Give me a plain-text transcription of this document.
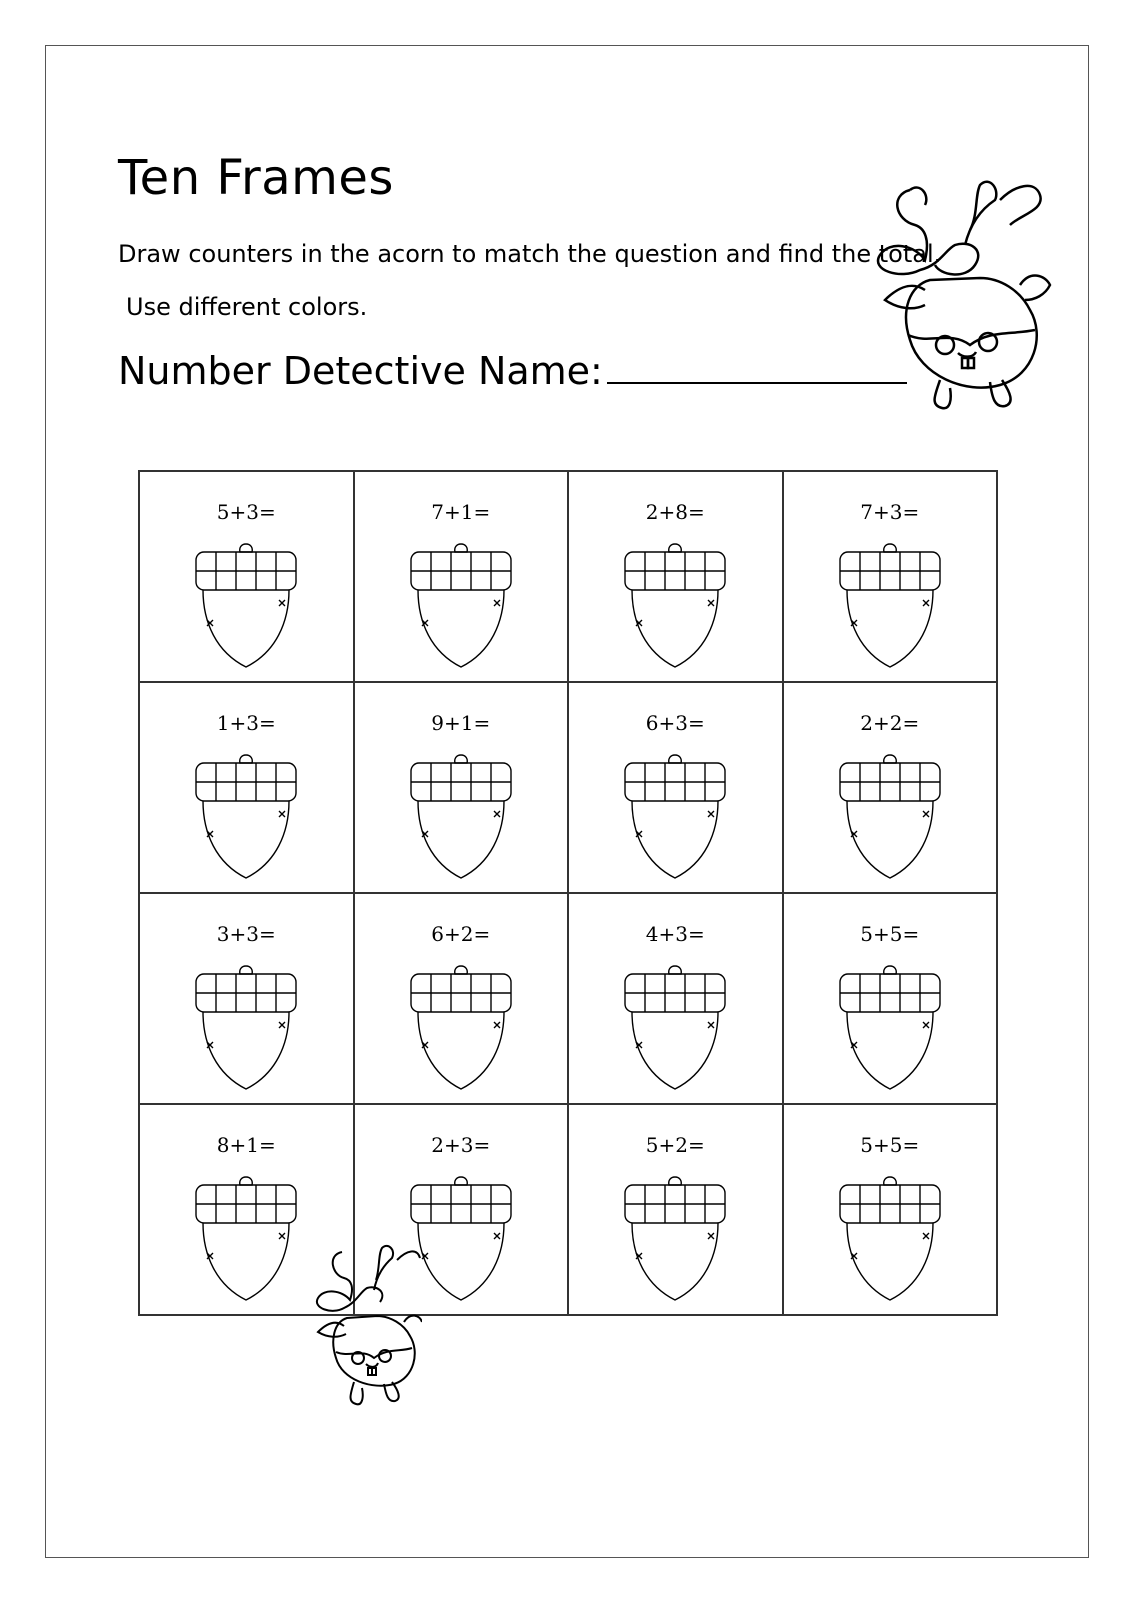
Ten Frames

Draw counters in the acorn to match the question and find the total.

Use different colors.

Number Detective Name:
5+3=	7+1=	2+8=	7+3=
1+3=	9+1=	6+3=	2+2=
3+3=	6+2=	4+3=	5+5=
8+1=	2+3=	5+2=	5+5=
